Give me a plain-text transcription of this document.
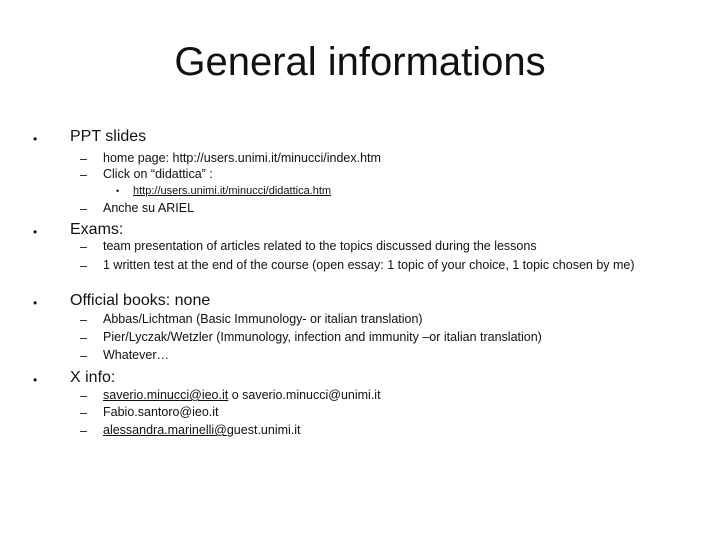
General informations
• PPT slides
– home page: http://users.unimi.it/minucci/index.htm
– Click on “didattica” :
• http://users.unimi.it/minucci/didattica.htm
– Anche su ARIEL
• Exams:
– team presentation of articles related to the topics discussed during the lessons
– 1 written test at the end of the course (open essay: 1 topic of your choice, 1 topic chosen by me)
• Official books: none
– Abbas/Lichtman (Basic Immunology- or italian translation)
– Pier/Lyczak/Wetzler (Immunology, infection and immunity –or italian translation)
– Whatever…
• X info:
– saverio.minucci@ieo.it o saverio.minucci@unimi.it
– Fabio.santoro@ieo.it
– alessandra.marinelli@guest.unimi.it
